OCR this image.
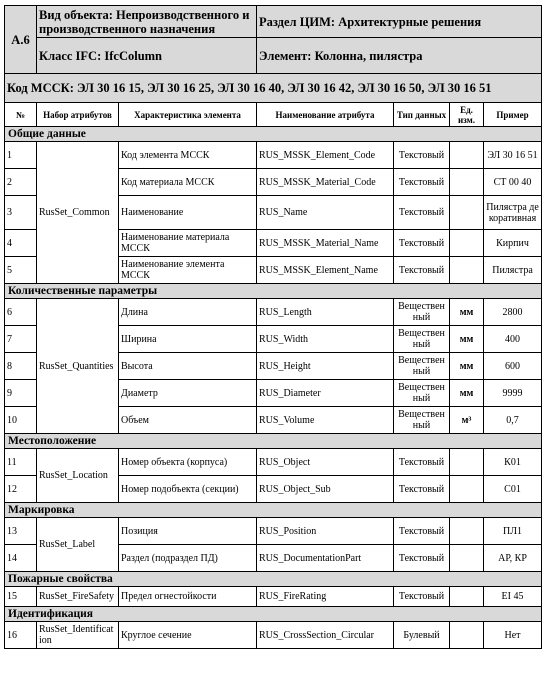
А.6	Вид объекта: Непроизводственного и производственного назначения		Раздел ЦИМ: Архитектурные решения			
	Класс IFC: IfcColumn		Элемент: Колонна, пилястра			
Код МССК: ЭЛ 30 16 15, ЭЛ 30 16 25, ЭЛ 30 16 40, ЭЛ 30 16 42, ЭЛ 30 16 50, ЭЛ 30 16 51						
№	Набор атрибутов	Характеристика элемента	Наименование атрибута	Тип данных	Ед. изм.	Пример
Общие данные						
1	RusSet_Common	Код элемента МССК	RUS_MSSK_Element_Code	Текстовый		ЭЛ 30 16 51
2		Код материала МССК	RUS_MSSK_Material_Code	Текстовый		СТ 00 40
3		Наименование	RUS_Name	Текстовый		Пилястра декоративная
4		Наименование материала МССК	RUS_MSSK_Material_Name	Текстовый		Кирпич
5		Наименование элемента МССК	RUS_MSSK_Element_Name	Текстовый		Пилястра
Количественные параметры						
6	RusSet_Quantities	Длина	RUS_Length	Вещественный	мм	2800
7		Ширина	RUS_Width	Вещественный	мм	400
8		Высота	RUS_Height	Вещественный	мм	600
9		Диаметр	RUS_Diameter	Вещественный	мм	9999
10		Объем	RUS_Volume	Вещественный	м³	0,7
Местоположение						
11	RusSet_Location	Номер объекта (корпуса)	RUS_Object	Текстовый		К01
12		Номер подобъекта (секции)	RUS_Object_Sub	Текстовый		С01
Маркировка						
13	RusSet_Label	Позиция	RUS_Position	Текстовый		ПЛ1
14		Раздел (подраздел ПД)	RUS_DocumentationPart	Текстовый		АР, КР
Пожарные свойства						
15	RusSet_FireSafety	Предел огнестойкости	RUS_FireRating	Текстовый		EI 45
Идентификация						
16	RusSet_Identification	Круглое сечение	RUS_CrossSection_Circular	Булевый		Нет
